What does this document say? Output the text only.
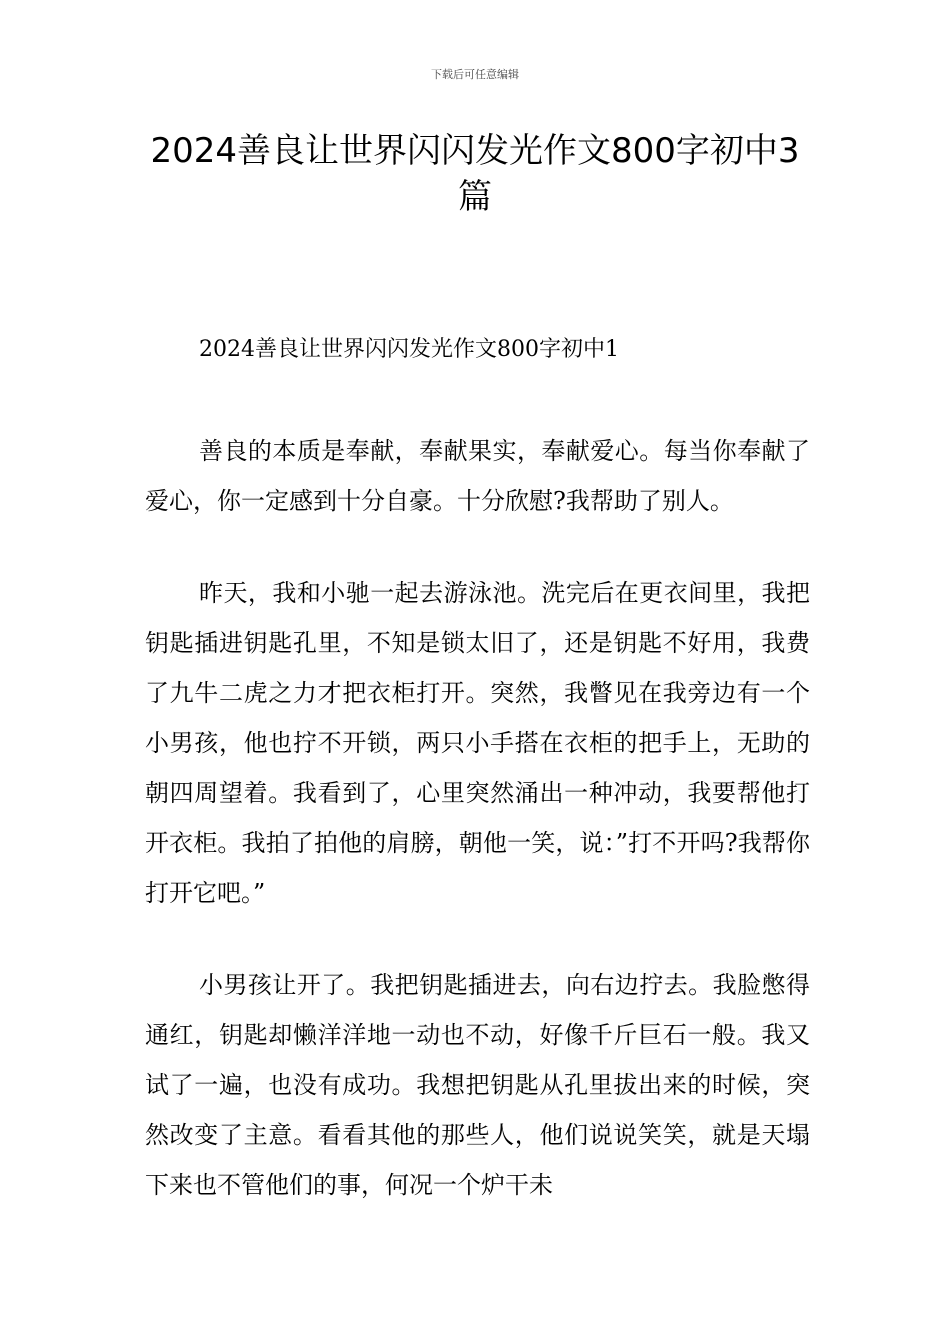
下载后可任意编辑
2024善良让世界闪闪发光作文800字初中3篇

2024善良让世界闪闪发光作文800字初中1

善良的本质是奉献，奉献果实，奉献爱心。每当你奉献了爱心，你一定感到十分自豪。十分欣慰?我帮助了别人。

昨天，我和小驰一起去游泳池。洗完后在更衣间里，我把钥匙插进钥匙孔里，不知是锁太旧了，还是钥匙不好用，我费了九牛二虎之力才把衣柜打开。突然，我瞥见在我旁边有一个小男孩，他也拧不开锁，两只小手搭在衣柜的把手上，无助的朝四周望着。我看到了，心里突然涌出一种冲动，我要帮他打开衣柜。我拍了拍他的肩膀，朝他一笑，说：”打不开吗?我帮你打开它吧。”

小男孩让开了。我把钥匙插进去，向右边拧去。我脸憋得通红，钥匙却懒洋洋地一动也不动，好像千斤巨石一般。我又试了一遍，也没有成功。我想把钥匙从孔里拔出来的时候，突然改变了主意。看看其他的那些人，他们说说笑笑，就是天塌下来也不管他们的事，何况一个炉干未
